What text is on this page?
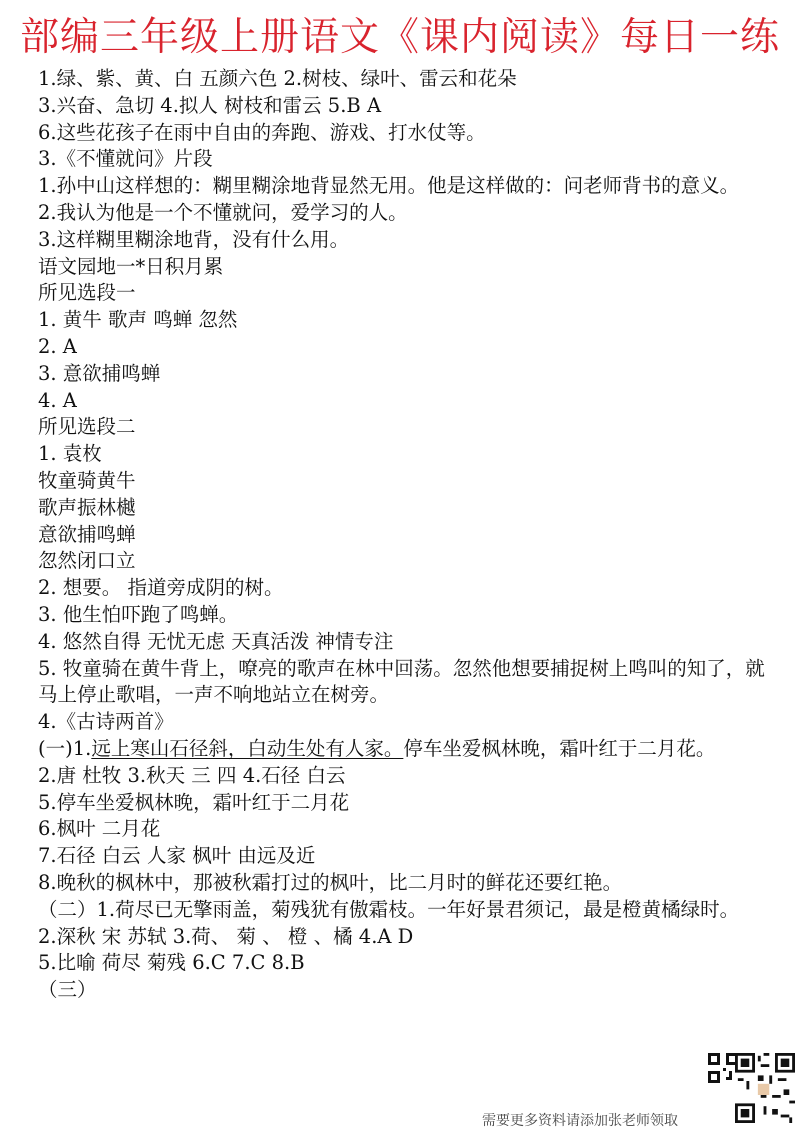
部编三年级上册语文《课内阅读》每日一练
1.绿、紫、黄、白 五颜六色 2.树枝、绿叶、雷云和花朵
3.兴奋、急切 4.拟人 树枝和雷云 5.B A
6.这些花孩子在雨中自由的奔跑、游戏、打水仗等。
3.《不懂就问》片段
1.孙中山这样想的：糊里糊涂地背显然无用。他是这样做的：问老师背书的意义。
2.我认为他是一个不懂就问，爱学习的人。
3.这样糊里糊涂地背，没有什么用。
语文园地一*日积月累
所见选段一
1. 黄牛 歌声 鸣蝉 忽然
2. A
3. 意欲捕鸣蝉
4. A
所见选段二
1. 袁枚
牧童骑黄牛
歌声振林樾
意欲捕鸣蝉
忽然闭口立
2. 想要。 指道旁成阴的树。
3. 他生怕吓跑了鸣蝉。
4. 悠然自得 无忧无虑 天真活泼 神情专注
5. 牧童骑在黄牛背上，嘹亮的歌声在林中回荡。忽然他想要捕捉树上鸣叫的知了，就马上停止歌唱，一声不响地站立在树旁。
4.《古诗两首》
(一)1.远上寒山石径斜，白动生处有人家。停车坐爱枫林晚，霜叶红于二月花。
2.唐 杜牧 3.秋天 三 四 4.石径 白云
5.停车坐爱枫林晚，霜叶红于二月花
6.枫叶 二月花
7.石径 白云 人家 枫叶 由远及近
8.晚秋的枫林中，那被秋霜打过的枫叶，比二月时的鲜花还要红艳。
（二）1.荷尽已无擎雨盖，菊残犹有傲霜枝。一年好景君须记，最是橙黄橘绿时。
2.深秋 宋 苏轼 3.荷、 菊 、 橙 、橘 4.A D
5.比喻 荷尽 菊残 6.C 7.C 8.B
（三）
需要更多资料请添加张老师领取
